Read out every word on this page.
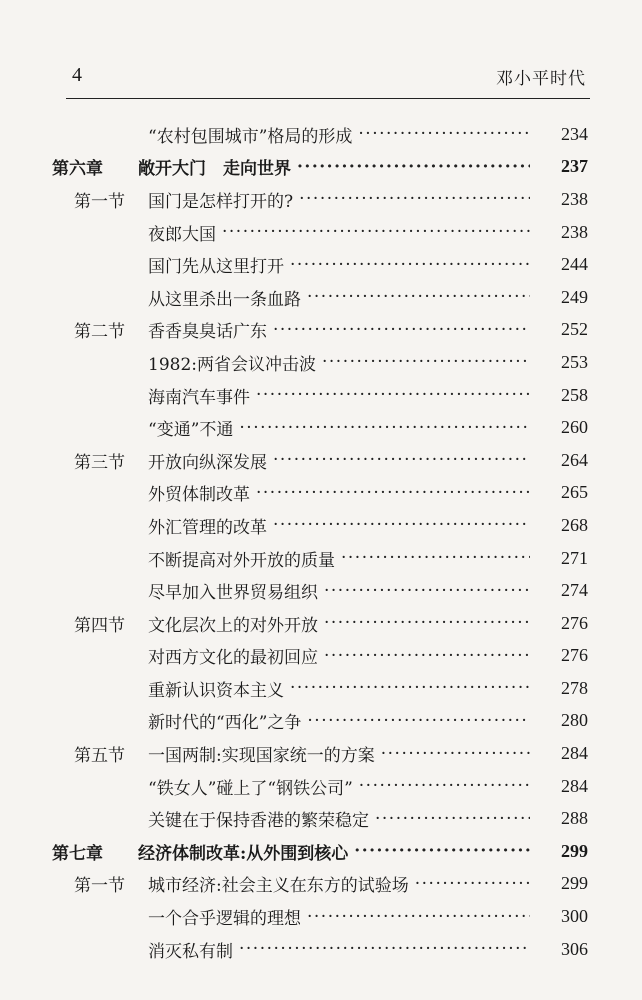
4	邓小平时代
“农村包围城市”格局的形成 ·····	234
第六章 敞开大门　走向世界 ·····	237
第一节 国门是怎样打开的? ·····	238
夜郎大国 ·····	238
国门先从这里打开 ·····	244
从这里杀出一条血路 ·····	249
第二节 香香臭臭话广东 ·····	252
1982:两省会议冲击波 ·····	253
海南汽车事件 ·····	258
“变通”不通 ·····	260
第三节 开放向纵深发展 ·····	264
外贸体制改革 ·····	265
外汇管理的改革 ·····	268
不断提高对外开放的质量 ·····	271
尽早加入世界贸易组织 ·····	274
第四节 文化层次上的对外开放 ·····	276
对西方文化的最初回应 ·····	276
重新认识资本主义 ·····	278
新时代的“西化”之争 ·····	280
第五节 一国两制:实现国家统一的方案 ·····	284
“铁女人”碰上了“钢铁公司” ·····	284
关键在于保持香港的繁荣稳定 ·····	288
第七章 经济体制改革:从外围到核心 ·····	299
第一节 城市经济:社会主义在东方的试验场 ·····	299
一个合乎逻辑的理想 ·····	300
消灭私有制 ·····	306
